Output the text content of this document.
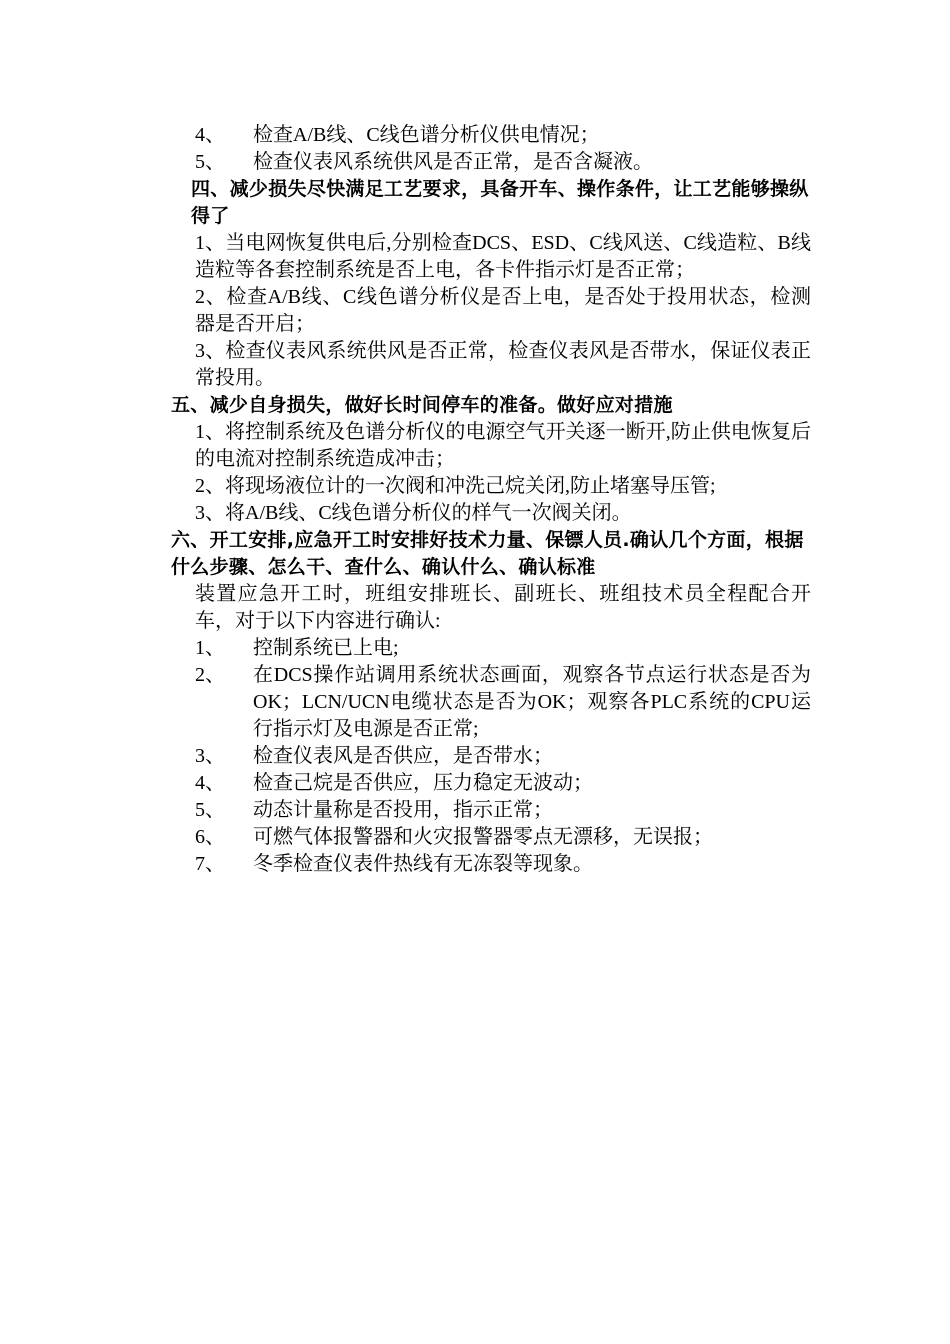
4、	检查A/B线、C线色谱分析仪供电情况；
5、	检查仪表风系统供风是否正常，是否含凝液。
四、减少损失尽快满足工艺要求，具备开车、操作条件，让工艺能够操纵得了
1、当电网恢复供电后,分别检查DCS、ESD、C线风送、C线造粒、B线造粒等各套控制系统是否上电，各卡件指示灯是否正常；
2、检查A/B线、C线色谱分析仪是否上电，是否处于投用状态，检测器是否开启；
3、检查仪表风系统供风是否正常，检查仪表风是否带水，保证仪表正常投用。
五、减少自身损失，做好长时间停车的准备。做好应对措施
1、将控制系统及色谱分析仪的电源空气开关逐一断开,防止供电恢复后的电流对控制系统造成冲击；
2、将现场液位计的一次阀和冲洗己烷关闭,防止堵塞导压管;
3、将A/B线、C线色谱分析仪的样气一次阀关闭。
六、开工安排,应急开工时安排好技术力量、保镖人员.确认几个方面，根据什么步骤、怎么干、查什么、确认什么、确认标准
装置应急开工时，班组安排班长、副班长、班组技术员全程配合开车，对于以下内容进行确认:
1、	控制系统已上电;
2、	在DCS操作站调用系统状态画面，观察各节点运行状态是否为OK；LCN/UCN电缆状态是否为OK；观察各PLC系统的CPU运行指示灯及电源是否正常;
3、	检查仪表风是否供应，是否带水；
4、	检查己烷是否供应，压力稳定无波动；
5、	动态计量称是否投用，指示正常；
6、	可燃气体报警器和火灾报警器零点无漂移，无误报；
7、	冬季检查仪表件热线有无冻裂等现象。
